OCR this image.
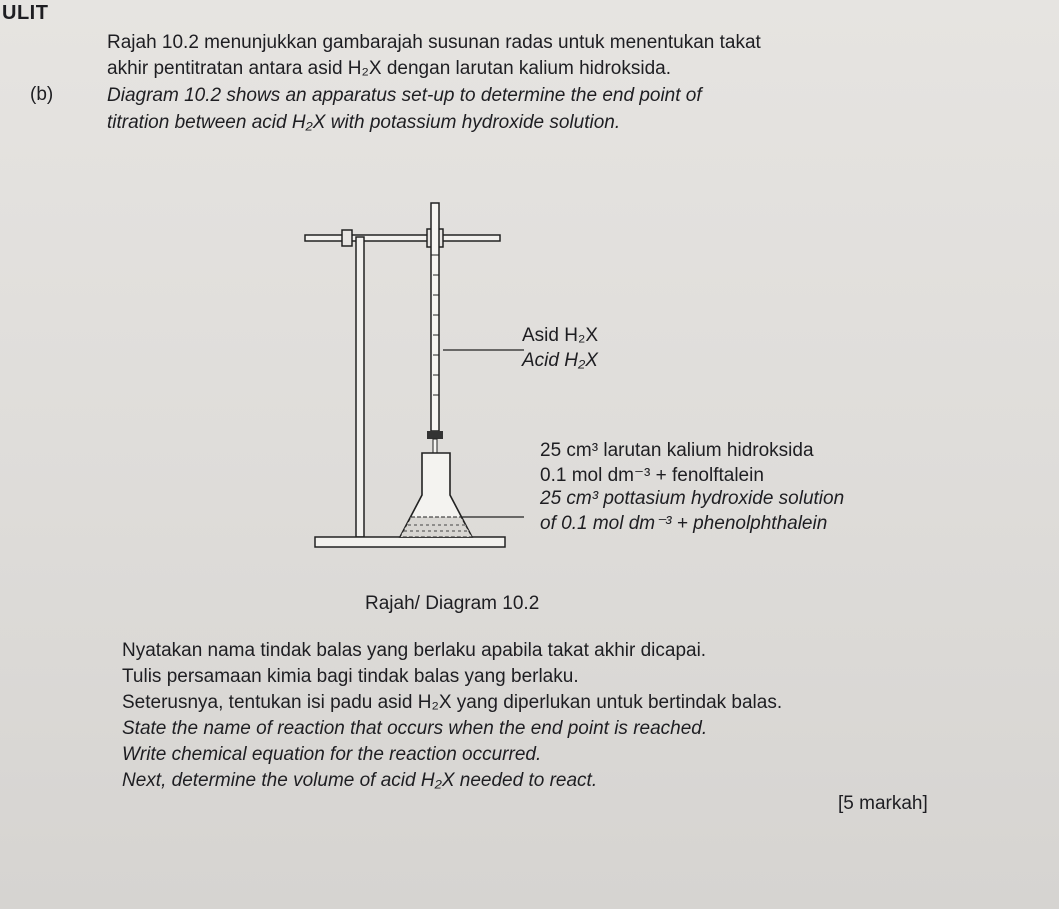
ULIT
(b)
Rajah 10.2 menunjukkan gambarajah susunan radas untuk menentukan takat
akhir pentitratan antara asid H₂X dengan larutan kalium hidroksida.
Diagram 10.2 shows an apparatus set-up to determine the end point of
titration between acid H₂X with potassium hydroxide solution.
Asid H₂X
Acid H₂X
25 cm³ larutan kalium hidroksida
0.1 mol dm⁻³ + fenolftalein
25 cm³ pottasium hydroxide solution
of 0.1 mol dm⁻³ + phenolphthalein
Rajah/ Diagram 10.2
Nyatakan nama tindak balas yang berlaku apabila takat akhir dicapai.
Tulis persamaan kimia bagi tindak balas yang berlaku.
Seterusnya, tentukan isi padu asid H₂X yang diperlukan untuk bertindak balas.
State the name of reaction that occurs when the end point is reached.
Write chemical equation for the reaction occurred.
Next, determine the volume of acid H₂X needed to react.
[5 markah]
